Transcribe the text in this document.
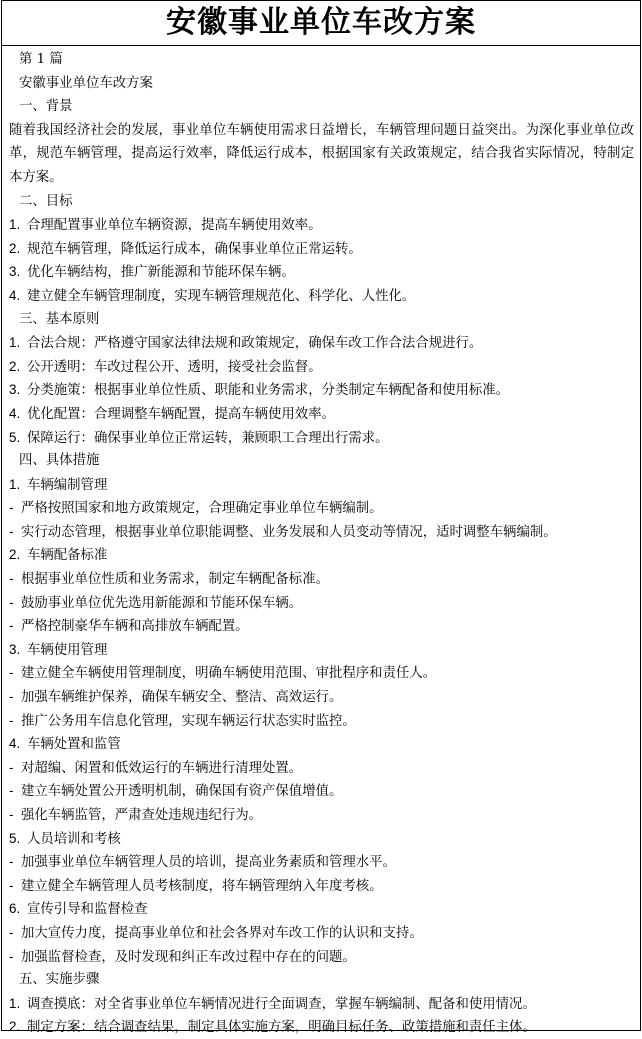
安徽事业单位车改方案
第 1 篇
安徽事业单位车改方案
一、背景
随着我国经济社会的发展，事业单位车辆使用需求日益增长，车辆管理问题日益突出。为深化事业单位改革，规范车辆管理，提高运行效率，降低运行成本，根据国家有关政策规定，结合我省实际情况，特制定本方案。
二、目标
1. 合理配置事业单位车辆资源，提高车辆使用效率。
2. 规范车辆管理，降低运行成本，确保事业单位正常运转。
3. 优化车辆结构，推广新能源和节能环保车辆。
4. 建立健全车辆管理制度，实现车辆管理规范化、科学化、人性化。
三、基本原则
1. 合法合规：严格遵守国家法律法规和政策规定，确保车改工作合法合规进行。
2. 公开透明：车改过程公开、透明，接受社会监督。
3. 分类施策：根据事业单位性质、职能和业务需求，分类制定车辆配备和使用标准。
4. 优化配置：合理调整车辆配置，提高车辆使用效率。
5. 保障运行：确保事业单位正常运转，兼顾职工合理出行需求。
四、具体措施
1. 车辆编制管理
- 严格按照国家和地方政策规定，合理确定事业单位车辆编制。
- 实行动态管理，根据事业单位职能调整、业务发展和人员变动等情况，适时调整车辆编制。
2. 车辆配备标准
- 根据事业单位性质和业务需求，制定车辆配备标准。
- 鼓励事业单位优先选用新能源和节能环保车辆。
- 严格控制豪华车辆和高排放车辆配置。
3. 车辆使用管理
- 建立健全车辆使用管理制度，明确车辆使用范围、审批程序和责任人。
- 加强车辆维护保养，确保车辆安全、整洁、高效运行。
- 推广公务用车信息化管理，实现车辆运行状态实时监控。
4. 车辆处置和监管
- 对超编、闲置和低效运行的车辆进行清理处置。
- 建立车辆处置公开透明机制，确保国有资产保值增值。
- 强化车辆监管，严肃查处违规违纪行为。
5. 人员培训和考核
- 加强事业单位车辆管理人员的培训，提高业务素质和管理水平。
- 建立健全车辆管理人员考核制度，将车辆管理纳入年度考核。
6. 宣传引导和监督检查
- 加大宣传力度，提高事业单位和社会各界对车改工作的认识和支持。
- 加强监督检查，及时发现和纠正车改过程中存在的问题。
五、实施步骤
1. 调查摸底：对全省事业单位车辆情况进行全面调查，掌握车辆编制、配备和使用情况。
2. 制定方案：结合调查结果，制定具体实施方案，明确目标任务、政策措施和责任主体。
